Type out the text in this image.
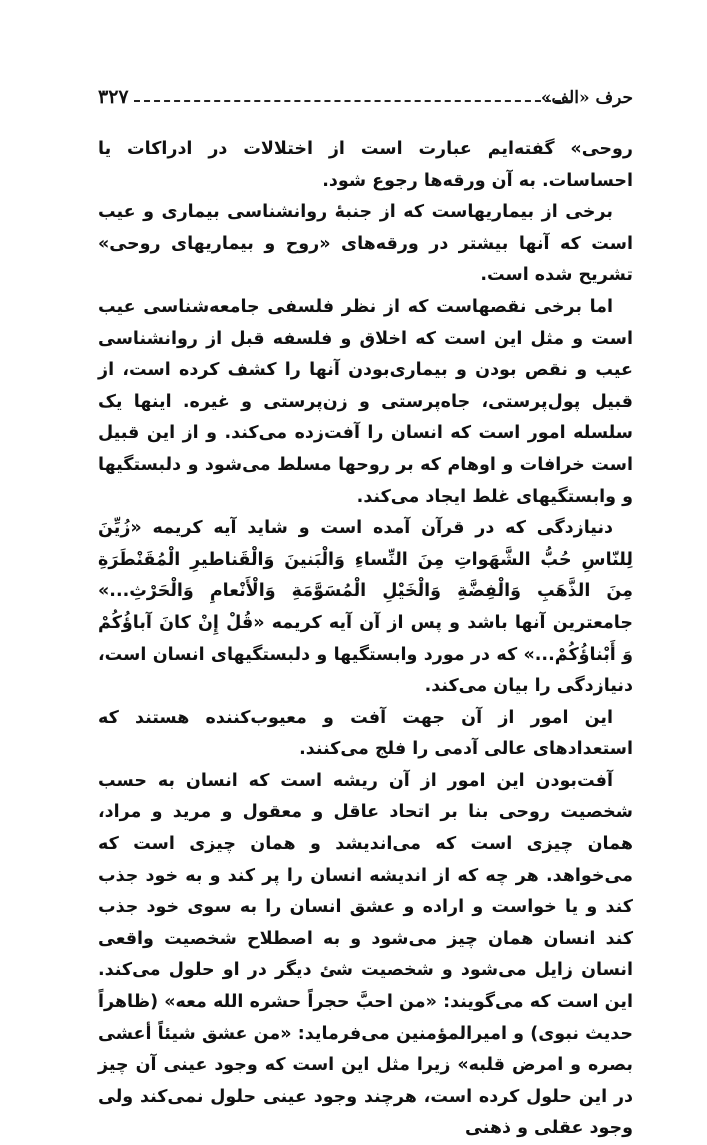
حرف «الف»
۳۲۷

روحی» گفته‌ایم عبارت است از اختلالات در ادراکات یا احساسات. به آن ورقه‌ها رجوع شود.

برخی از بیماریهاست که از جنبهٔ روانشناسی بیماری و عیب است که آنها بیشتر در ورقه‌های «روح و بیماریهای روحی» تشریح شده است.

اما برخی نقصهاست که از نظر فلسفی جامعه‌شناسی عیب است و مثل این است که اخلاق و فلسفه قبل از روانشناسی عیب و نقص بودن و بیماری‌بودن آنها را کشف کرده است، از قبیل پول‌پرستی، جاه‌پرستی و زن‌پرستی و غیره. اینها یک سلسله امور است که انسان را آفت‌زده می‌کند. و از این قبیل است خرافات و اوهام که بر روحها مسلط می‌شود و دلبستگیها و وابستگیهای غلط ایجاد می‌کند.

دنیازدگی که در قرآن آمده است و شاید آیه کریمه «زُيِّنَ لِلنّاسِ حُبُّ الشَّهَواتِ مِنَ النِّساءِ وَالْبَنينَ وَالْقَناطيرِ الْمُقَنْطَرَةِ مِنَ الذَّهَبِ وَالْفِضَّةِ وَالْخَيْلِ الْمُسَوَّمَةِ وَالْأَنْعامِ وَالْحَرْثِ...» جامعترین آنها باشد و پس از آن آیه کریمه «قُلْ إِنْ كانَ آباؤُكُمْ وَ أَبْناؤُكُمْ...» که در مورد وابستگیها و دلبستگیهای انسان است، دنیازدگی را بیان می‌کند.

این امور از آن جهت آفت و معیوب‌کننده هستند که استعدادهای عالی آدمی را فلج می‌کنند.

آفت‌بودن این امور از آن ریشه است که انسان به حسب شخصیت روحی بنا بر اتحاد عاقل و معقول و مرید و مراد، همان چیزی است که می‌اندیشد و همان چیزی است که می‌خواهد. هر چه که از اندیشه انسان را پر کند و به خود جذب کند و یا خواست و اراده و عشق انسان را به سوی خود جذب کند انسان همان چیز می‌شود و به اصطلاح شخصیت واقعی انسان زایل می‌شود و شخصیت شئ دیگر در او حلول می‌کند. این است که می‌گویند: «من احبَّ حجراً حشره الله معه» (ظاهراً حدیث نبوی) و امیرالمؤمنین می‌فرماید: «من عشق شیئاً أعشی بصره و امرض قلبه» زیرا مثل این است که وجود عینی آن چیز در این حلول کرده است، هرچند وجود عینی حلول نمی‌کند ولی وجود عقلی و ذهنی
